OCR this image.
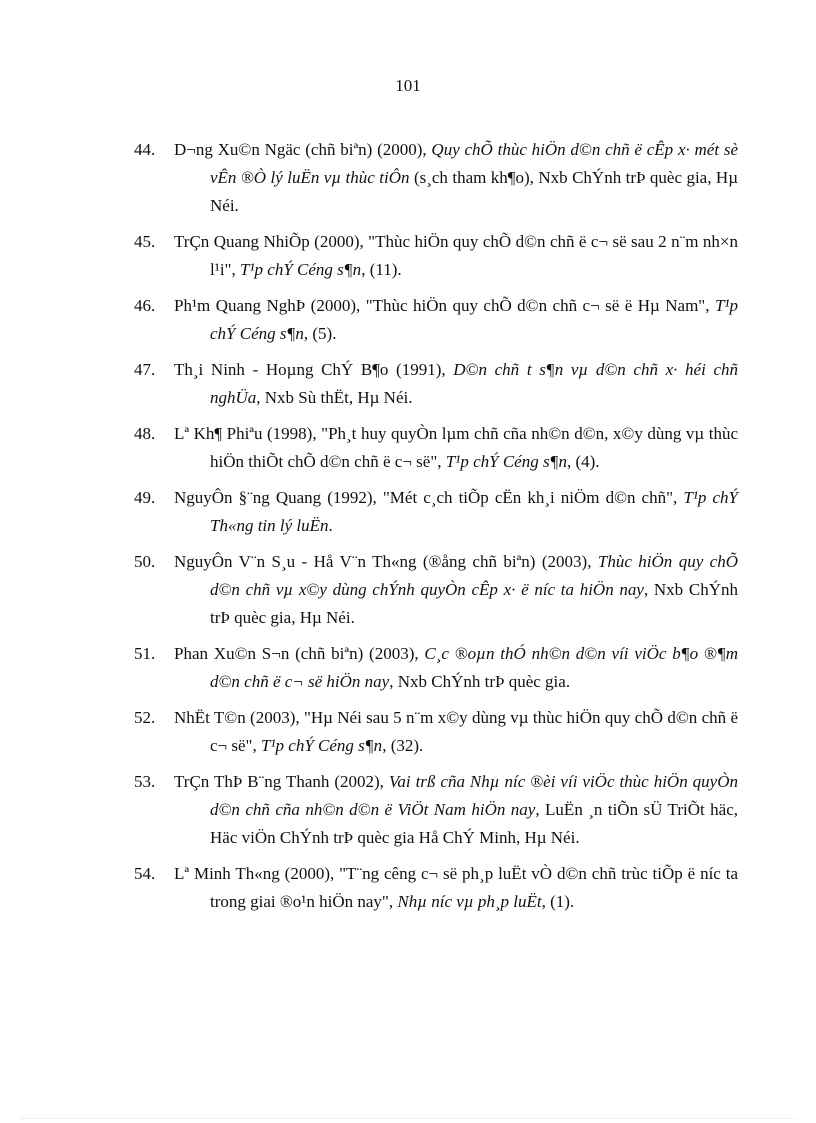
101
44. D¬ng Xu©n Ngäc (chñ biªn) (2000), Quy chÕ thùc hiÖn d©n chñ ë cÊp x· mét sè vÊn ®Ò lý luËn vµ thùc tiÔn (s¸ch tham kh¶o), Nxb ChÝnh trÞ quèc gia, Hµ Néi.
45. TrÇn Quang NhiÕp (2000), "Thùc hiÖn quy chÕ d©n chñ ë c¬ së sau 2 n¨m nh×n l¹i", T¹p chÝ Céng s¶n, (11).
46. Ph¹m Quang NghÞ (2000), "Thùc hiÖn quy chÕ d©n chñ c¬ së ë Hµ Nam", T¹p chÝ Céng s¶n, (5).
47. Th¸i Ninh - Hoµng ChÝ B¶o (1991), D©n chñ t s¶n vµ d©n chñ x· héi chñ nghÜa, Nxb Sù thËt, Hµ Néi.
48. Lª Kh¶ Phiªu (1998), "Ph¸t huy quyÒn lµm chñ cña nh©n d©n, x©y dùng vµ thùc hiÖn thiÕt chÕ d©n chñ ë c¬ së", T¹p chÝ Céng s¶n, (4).
49. NguyÔn §¨ng Quang (1992), "Mét c¸ch tiÕp cËn kh¸i niÖm d©n chñ", T¹p chÝ Th«ng tin lý luËn.
50. NguyÔn V¨n S¸u - Hå V¨n Th«ng (®ång chñ biªn) (2003), Thùc hiÖn quy chÕ d©n chñ vµ x©y dùng chÝnh quyÒn cÊp x· ë níc ta hiÖn nay, Nxb ChÝnh trÞ quèc gia, Hµ Néi.
51. Phan Xu©n S¬n (chñ biªn) (2003), C¸c ®oµn thÓ nh©n d©n víi viÖc b¶o ®¶m d©n chñ ë c¬ së hiÖn nay, Nxb ChÝnh trÞ quèc gia.
52. NhËt T©n (2003), "Hµ Néi sau 5 n¨m x©y dùng vµ thùc hiÖn quy chÕ d©n chñ ë c¬ së", T¹p chÝ Céng s¶n, (32).
53. TrÇn ThÞ B¨ng Thanh (2002), Vai trß cña Nhµ níc ®èi víi viÖc thùc hiÖn quyÒn d©n chñ cña nh©n d©n ë ViÖt Nam hiÖn nay, LuËn ¸n tiÕn sÜ TriÕt häc, Häc viÖn ChÝnh trÞ quèc gia Hå ChÝ Minh, Hµ Néi.
54. Lª Minh Th«ng (2000), "T¨ng cêng c¬ së ph¸p luËt vÒ d©n chñ trùc tiÕp ë níc ta trong giai ®o¹n hiÖn nay", Nhµ níc vµ ph¸p luËt, (1).
